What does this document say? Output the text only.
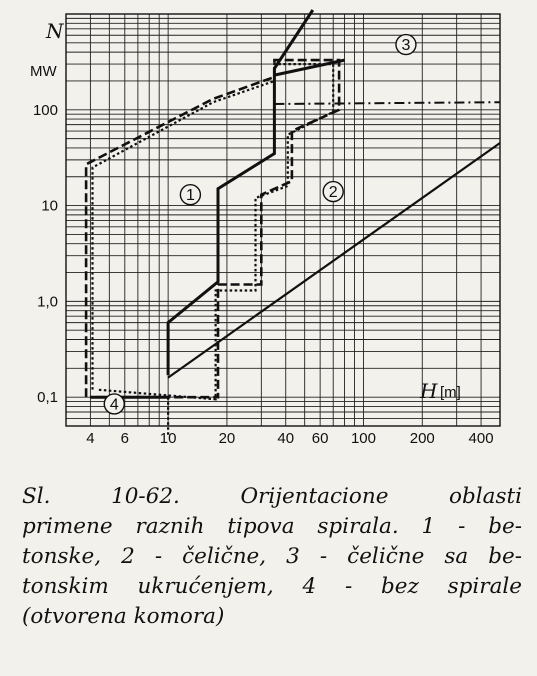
4 6 10	20	40 60 100 200 400
0,1
1,0
10
100
N
MW
H [m]
1	2
3
4
Sl. 10-62. Orijentacione oblasti
primene raznih tipova spirala. 1 - be-
tonske, 2 - čelične, 3 - čelične sa be-
tonskim ukrućenjem, 4 - bez spirale
(otvorena komora)
